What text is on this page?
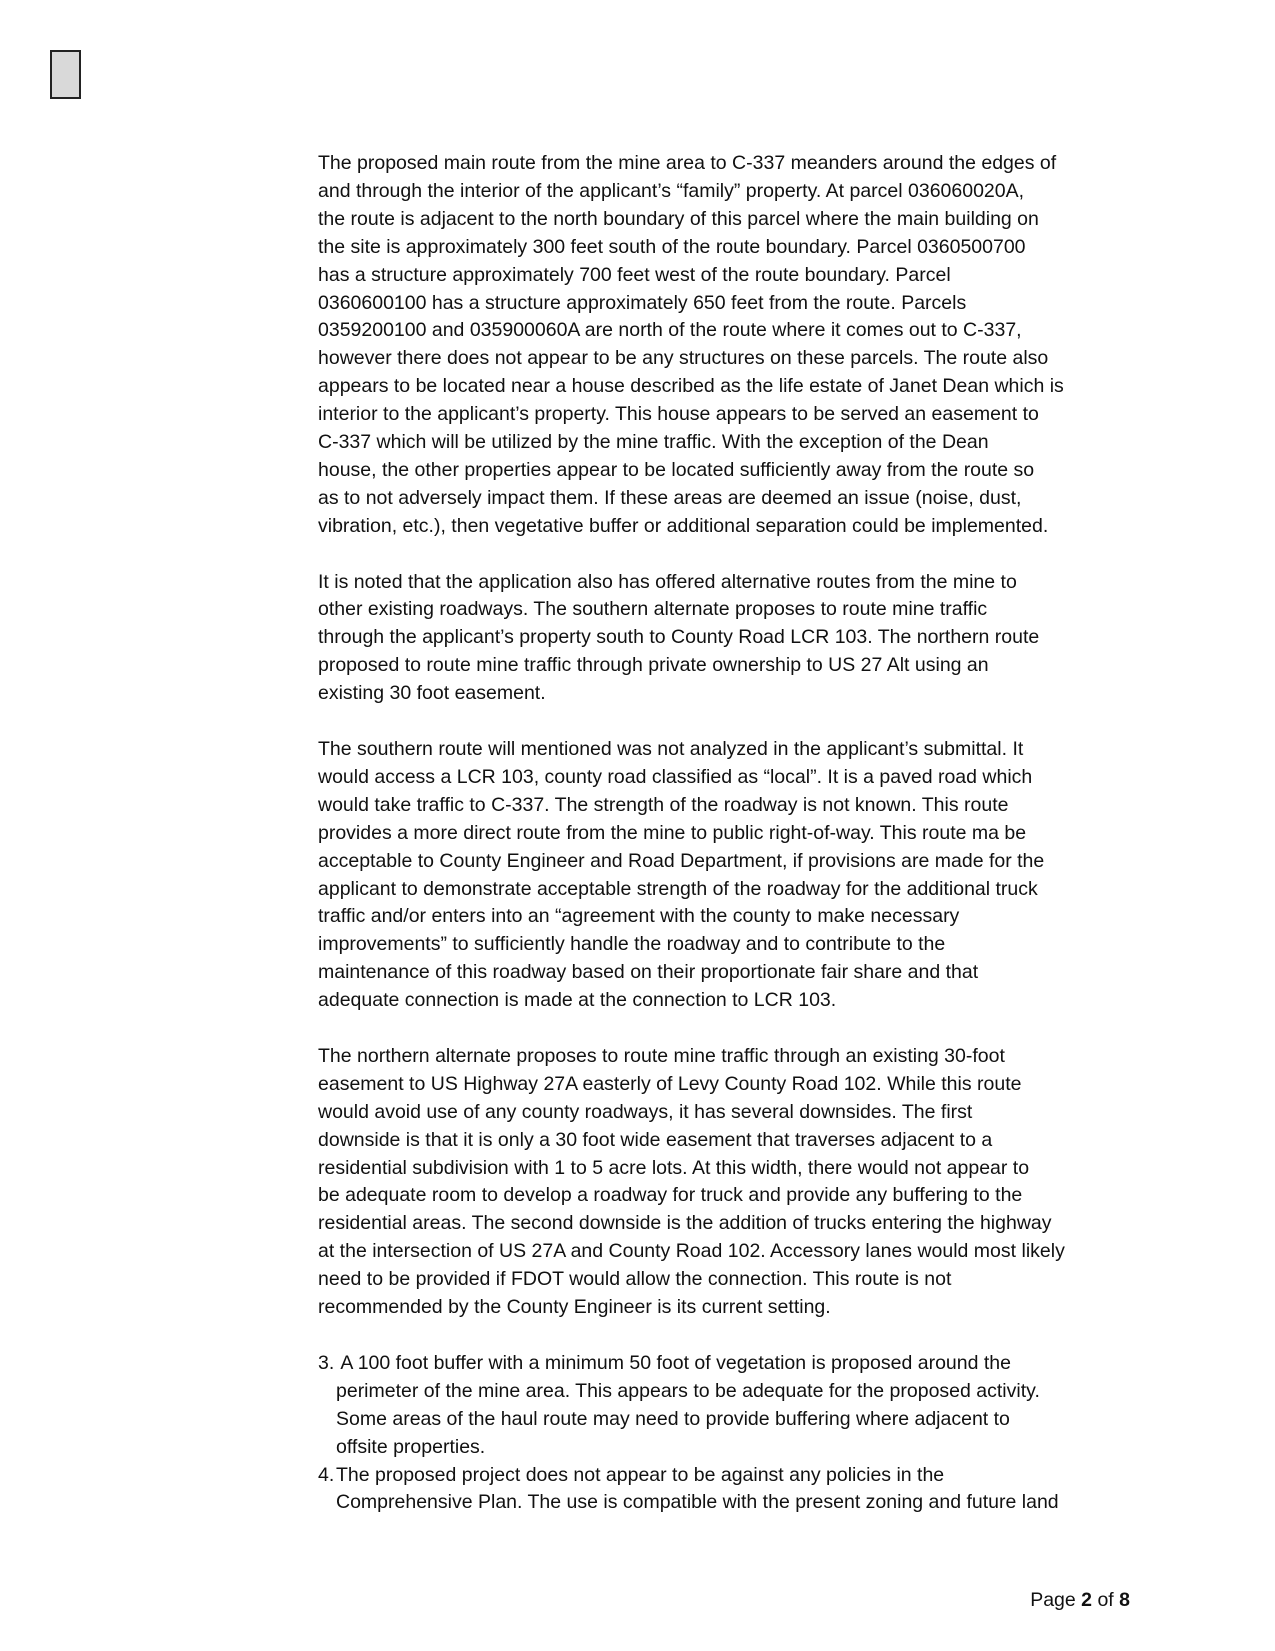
The proposed main route from the mine area to C-337 meanders around the edges of
and through the interior of the applicant’s “family” property. At parcel 036060020A,
the route is adjacent to the north boundary of this parcel where the main building on
the site is approximately 300 feet south of the route boundary. Parcel 0360500700
has a structure approximately 700 feet west of the route boundary. Parcel
0360600100 has a structure approximately 650 feet from the route. Parcels
0359200100 and 035900060A are north of the route where it comes out to C-337,
however there does not appear to be any structures on these parcels. The route also
appears to be located near a house described as the life estate of Janet Dean which is
interior to the applicant’s property. This house appears to be served an easement to
C-337 which will be utilized by the mine traffic. With the exception of the Dean
house, the other properties appear to be located sufficiently away from the route so
as to not adversely impact them. If these areas are deemed an issue (noise, dust,
vibration, etc.), then vegetative buffer or additional separation could be implemented.

It is noted that the application also has offered alternative routes from the mine to
other existing roadways. The southern alternate proposes to route mine traffic
through the applicant’s property south to County Road LCR 103. The northern route
proposed to route mine traffic through private ownership to US 27 Alt using an
existing 30 foot easement.

The southern route will mentioned was not analyzed in the applicant’s submittal. It
would access a LCR 103, county road classified as “local”. It is a paved road which
would take traffic to C-337. The strength of the roadway is not known. This route
provides a more direct route from the mine to public right-of-way. This route ma be
acceptable to County Engineer and Road Department, if provisions are made for the
applicant to demonstrate acceptable strength of the roadway for the additional truck
traffic and/or enters into an “agreement with the county to make necessary
improvements” to sufficiently handle the roadway and to contribute to the
maintenance of this roadway based on their proportionate fair share and that
adequate connection is made at the connection to LCR 103.

The northern alternate proposes to route mine traffic through an existing 30-foot
easement to US Highway 27A easterly of Levy County Road 102. While this route
would avoid use of any county roadways, it has several downsides. The first
downside is that it is only a 30 foot wide easement that traverses adjacent to a
residential subdivision with 1 to 5 acre lots. At this width, there would not appear to
be adequate room to develop a roadway for truck and provide any buffering to the
residential areas. The second downside is the addition of trucks entering the highway
at the intersection of US 27A and County Road 102. Accessory lanes would most likely
need to be provided if FDOT would allow the connection. This route is not
recommended by the County Engineer is its current setting.

3. A 100 foot buffer with a minimum 50 foot of vegetation is proposed around the
perimeter of the mine area. This appears to be adequate for the proposed activity.
Some areas of the haul route may need to provide buffering where adjacent to
offsite properties.
4. The proposed project does not appear to be against any policies in the
Comprehensive Plan. The use is compatible with the present zoning and future land
Page 2 of 8
